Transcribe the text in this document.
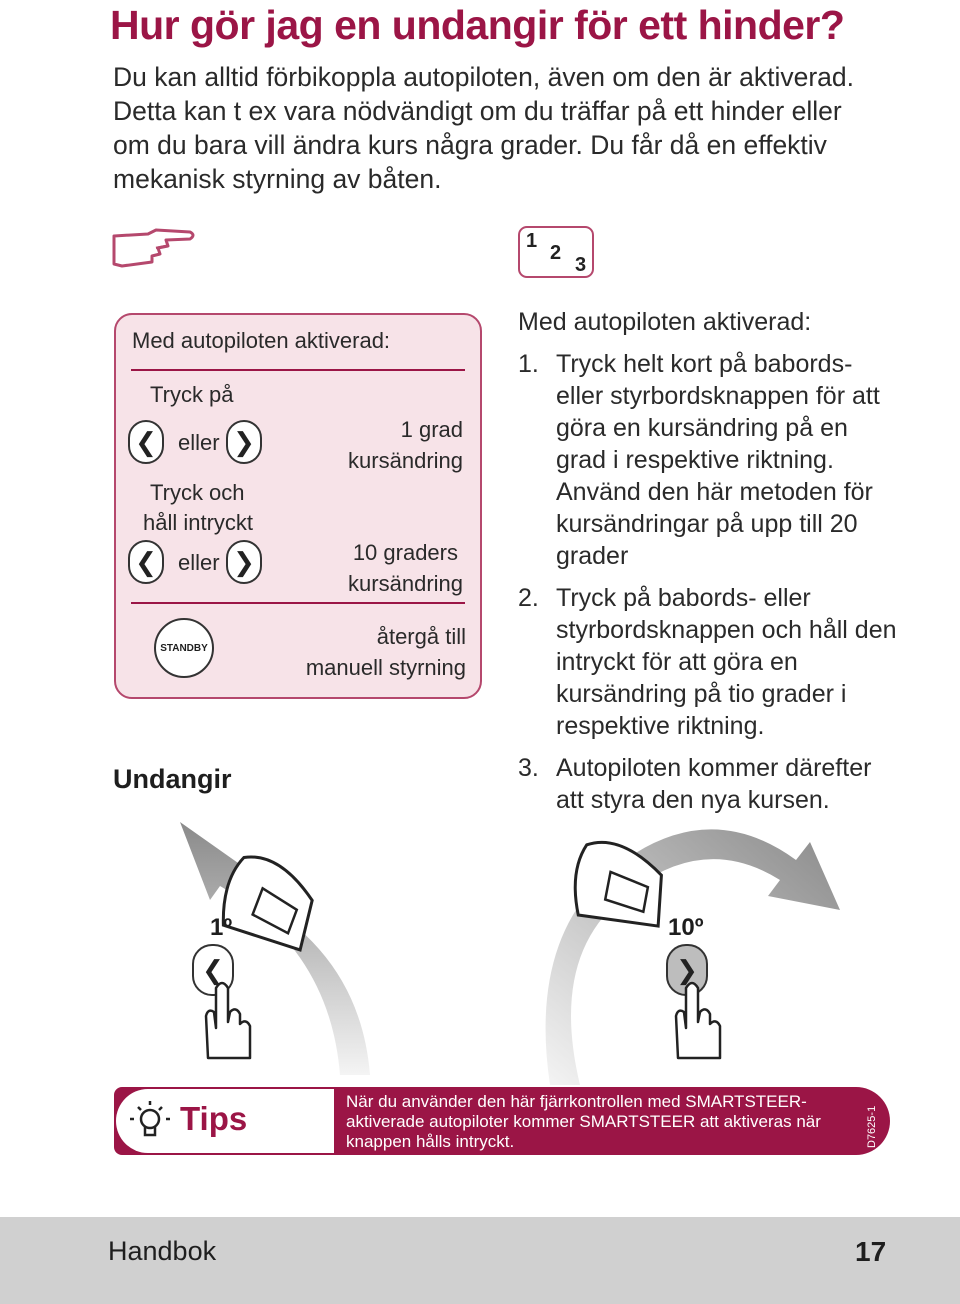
Hur gör jag en undangir för ett hinder?
Du kan alltid förbikoppla autopiloten, även om den är aktiverad. Detta kan t ex vara nödvändigt om du träffar på ett hinder eller om du bara vill ändra kurs några grader. Du får då en effektiv mekanisk styrning av båten.
1
2
3
Med autopiloten aktiverad:
Tryck på
❮ eller ❯	1 grad
kursändring
Tryck och
håll intryckt
❮ eller ❯	10 graders
kursändring
STANDBY	återgå till
manuell styrning
Med autopiloten aktiverad:
1. Tryck helt kort på babords- eller styrbordsknappen för att göra en kursändring på en grad i respektive riktning. Använd den här metoden för kursändringar på upp till 20 grader
2. Tryck på babords- eller styrbordsknappen och håll den intryckt för att göra en kursändring på tio grader i respektive riktning.
3. Autopiloten kommer därefter att styra den nya kursen.
Undangir
1º	10º
❮	❯
Tips	När du använder den här fjärrkontrollen med SMARTSTEER-aktiverade autopiloter kommer SMARTSTEER att aktiveras när knappen hålls intryckt.	D7625-1
Handbok	17
